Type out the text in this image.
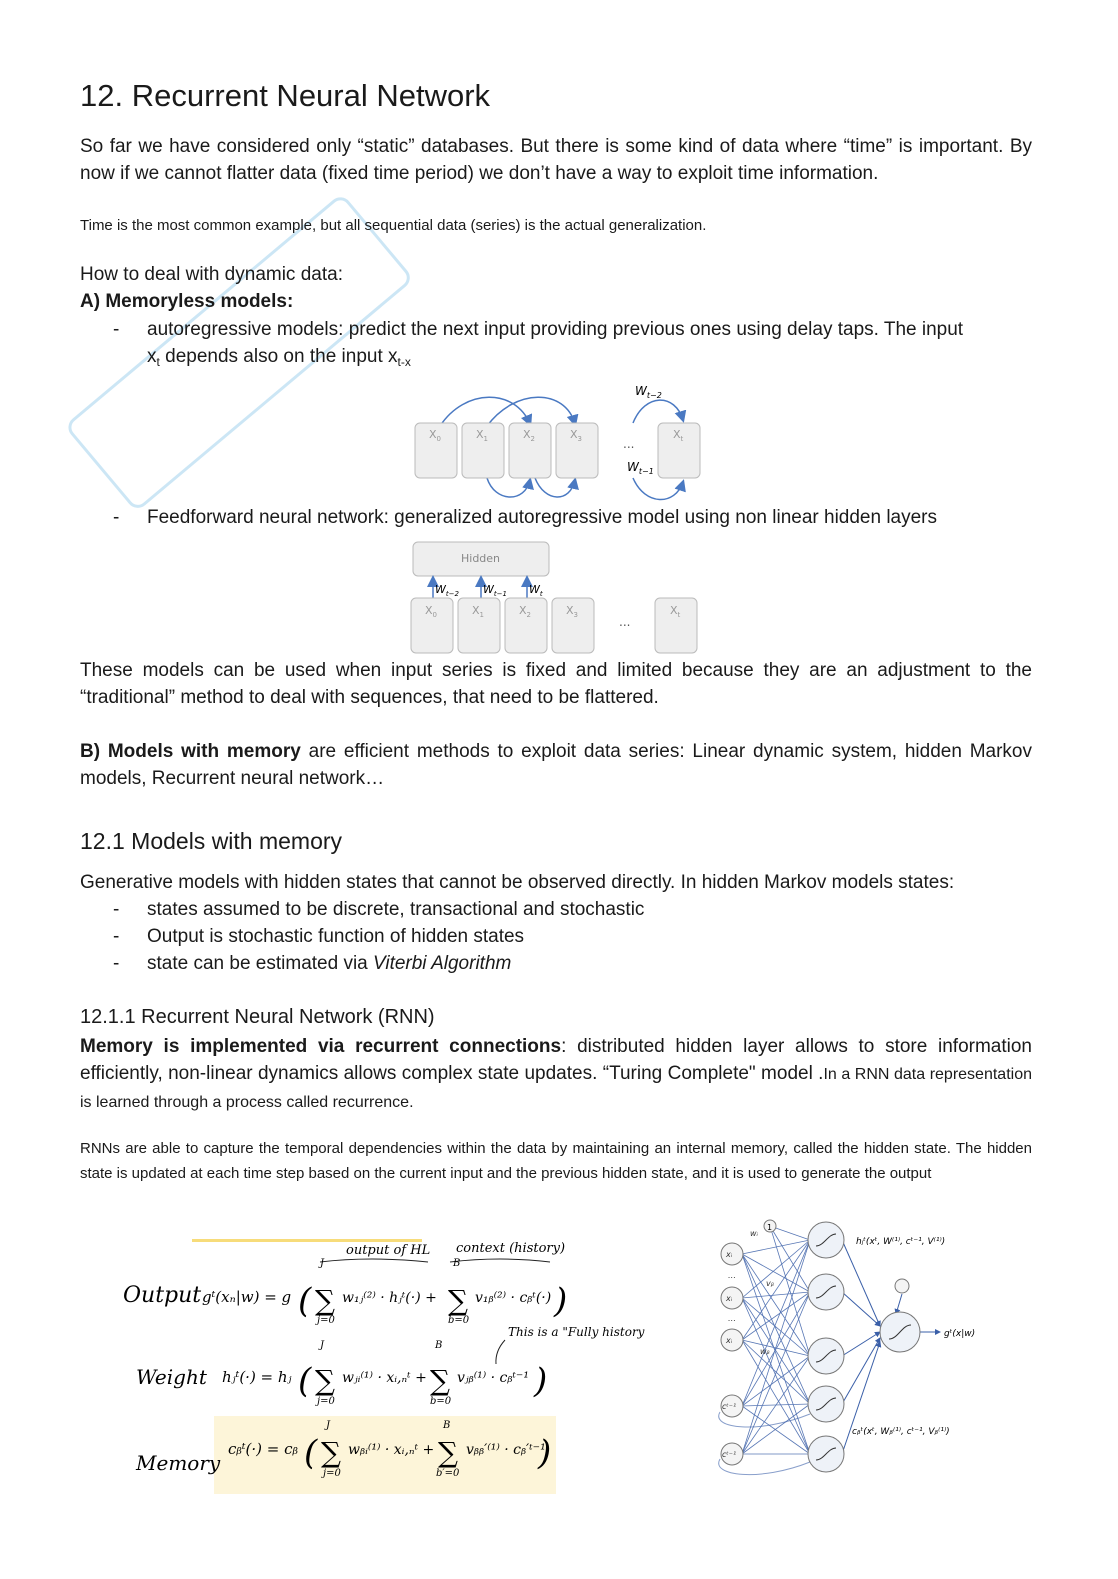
12. Recurrent Neural Network

So far we have considered only “static” databases. But there is some kind of data where “time” is important. By now if we cannot flatter data (fixed time period) we don’t have a way to exploit time information.

Time is the most common example, but all sequential data (series) is the actual generalization.

How to deal with dynamic data:

A) Memoryless models:

- autoregressive models: predict the next input providing previous ones using delay taps. The input
$x_t$ depends also on the input $x_{t-x}$
$X_0$	$X_1$	$X_2$	$X_3$	...
$X_t$
$W_{t-2}$
$W_{t-1}$
- Feedforward neural network: generalized autoregressive model using non linear hidden layers
Hidden
$W_{t-2}$ $W_{t-1}$ $W_t$
$X_0$	$X_1$	$X_2$	$X_3$	...
$X_t$

These models can be used when input series is fixed and limited because they are an adjustment to the “traditional” method to deal with sequences, that need to be flattered.

B) Models with memory are efficient methods to exploit data series: Linear dynamic system, hidden Markov models, Recurrent neural network…

12.1 Models with memory

Generative models with hidden states that cannot be observed directly. In hidden Markov models states:

- states assumed to be discrete, transactional and stochastic
- Output is stochastic function of hidden states
- state can be estimated via Viterbi Algorithm
12.1.1 Recurrent Neural Network (RNN)

Memory is implemented via recurrent connections: distributed hidden layer allows to store information efficiently, non-linear dynamics allows complex state updates. “Turing Complete" model .In a RNN data representation is learned through a process called recurrence.

RNNs are able to capture the temporal dependencies within the data by maintaining an internal memory, called the hidden state. The hidden state is updated at each time step based on the current input and the previous hidden state, and it is used to generate the output

output of HL context (history)
This is a "Fully history
Output gᵗ(xₙ|w) = g (
J
∑
j=0
w₁ⱼ⁽²⁾ · hⱼᵗ(·) +
B
∑
b=0
v₁ᵦ⁽²⁾ · cᵦᵗ(·) )
Weight hⱼᵗ(·) = hⱼ (
J
∑
j=0
wⱼᵢ⁽¹⁾ · xᵢ,ₙᵗ +
B
∑
b=0
vⱼᵦ⁽¹⁾ · cᵦᵗ⁻¹ )
Memory
cᵦᵗ(·) = cᵦ (
J
∑
j=0
wᵦᵢ⁽¹⁾ · xᵢ,ₙᵗ +
B
∑
b′=0
vᵦᵦ′⁽¹⁾ · cᵦ′ᵗ⁻¹
)
1
xᵢ
…
xᵢ
…
xᵢ
cᵗ⁻¹
cᵗ⁻¹
wᵢ
vᵦ
wᵦ
hⱼᵗ(xᵗ, W⁽¹⁾, cᵗ⁻¹, V⁽¹⁾)
gᵗ(x|w)
cᵦᵗ(xᵗ, Wᵦ⁽¹⁾, cᵗ⁻¹, Vᵦ⁽¹⁾)
